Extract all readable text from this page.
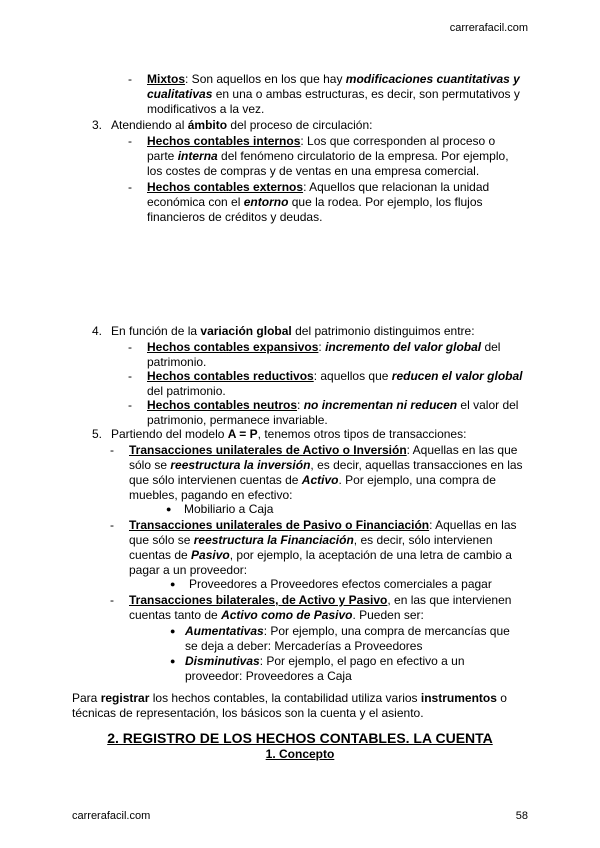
carrerafacil.com
- Mixtos: Son aquellos en los que hay modificaciones cuantitativas y cualitativas en una o ambas estructuras, es decir, son permutativos y modificativos a la vez.
3. Atendiendo al ámbito del proceso de circulación:
- Hechos contables internos: Los que corresponden al proceso o parte interna del fenómeno circulatorio de la empresa. Por ejemplo, los costes de compras y de ventas en una empresa comercial.
- Hechos contables externos: Aquellos que relacionan la unidad económica con el entorno que la rodea. Por ejemplo, los flujos financieros de créditos y deudas.
4. En función de la variación global del patrimonio distinguimos entre:
- Hechos contables expansivos: incremento del valor global del patrimonio.
- Hechos contables reductivos: aquellos que reducen el valor global del patrimonio.
- Hechos contables neutros: no incrementan ni reducen el valor del patrimonio, permanece invariable.
5. Partiendo del modelo A = P, tenemos otros tipos de transacciones:
- Transacciones unilaterales de Activo o Inversión: Aquellas en las que sólo se reestructura la inversión, es decir, aquellas transacciones en las que sólo intervienen cuentas de Activo. Por ejemplo, una compra de muebles, pagando en efectivo:
● Mobiliario a Caja
- Transacciones unilaterales de Pasivo o Financiación: Aquellas en las que sólo se reestructura la Financiación, es decir, sólo intervienen cuentas de Pasivo, por ejemplo, la aceptación de una letra de cambio a pagar a un proveedor:
● Proveedores a Proveedores efectos comerciales a pagar
- Transacciones bilaterales, de Activo y Pasivo, en las que intervienen cuentas tanto de Activo como de Pasivo. Pueden ser:
● Aumentativas: Por ejemplo, una compra de mercancías que se deja a deber: Mercaderías a Proveedores
● Disminutivas: Por ejemplo, el pago en efectivo a un proveedor: Proveedores a Caja
Para registrar los hechos contables, la contabilidad utiliza varios instrumentos o técnicas de representación, los básicos son la cuenta y el asiento.
2. REGISTRO DE LOS HECHOS CONTABLES. LA CUENTA
1. Concepto
carrerafacil.com	58
